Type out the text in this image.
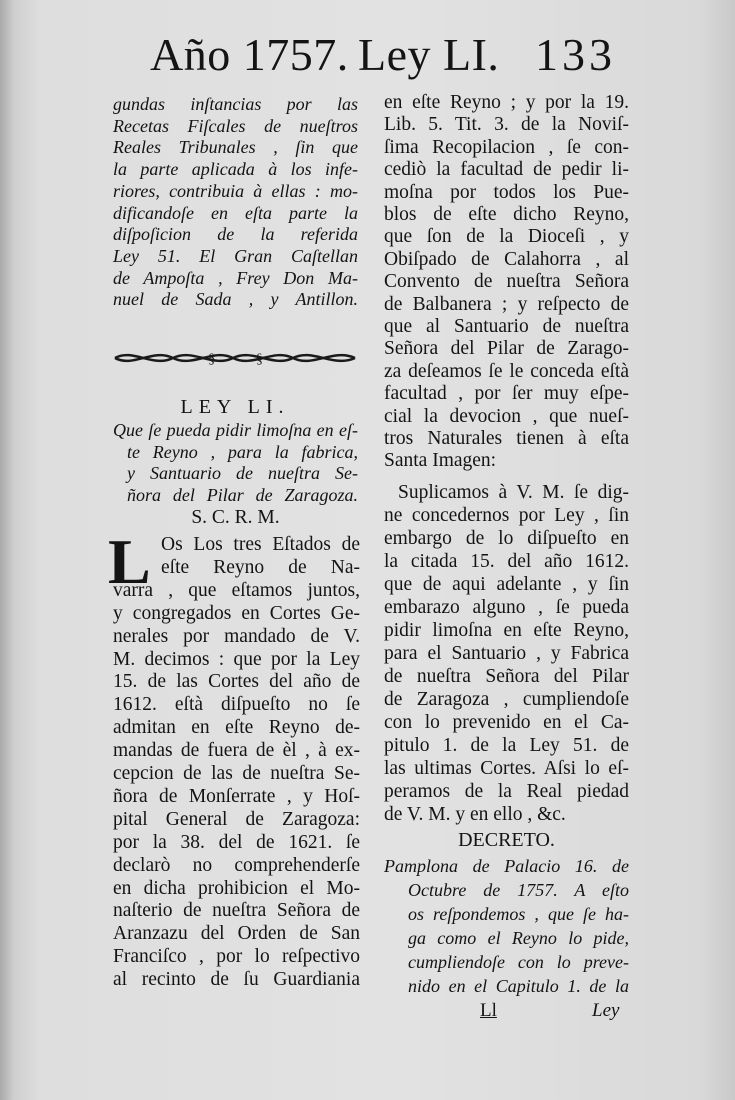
Año 1757. Ley LI. 133
gundas inſtancias por las
Recetas Fiſcales de nueſtros
Reales Tribunales , ſin que
la parte aplicada à los infe-
riores, contribuia à ellas : mo-
dificandoſe en eſta parte la
diſpoſicion de la referida
Ley 51. El Gran Caſtellan
de Ampoſta , Frey Don Ma-
nuel de Sada , y Antillon.
§	§
LEY LI.
Que ſe pueda pidir limoſna en eſ-
te Reyno , para la fabrica,
y Santuario de nueſtra Se-
ñora del Pilar de Zaragoza.
S. C. R. M.
L Os Los tres Eſtados de
eſte Reyno de Na-
varra , que eſtamos juntos,
y congregados en Cortes Ge-
nerales por mandado de V.
M. decimos : que por la Ley
15. de las Cortes del año de
1612. eſtà diſpueſto no ſe
admitan en eſte Reyno de-
mandas de fuera de èl , à ex-
cepcion de las de nueſtra Se-
ñora de Monſerrate , y Hoſ-
pital General de Zaragoza:
por la 38. del de 1621. ſe
declarò no comprehenderſe
en dicha prohibicion el Mo-
naſterio de nueſtra Señora de
Aranzazu del Orden de San
Franciſco , por lo reſpectivo
al recinto de ſu Guardiania
en eſte Reyno ; y por la 19.
Lib. 5. Tit. 3. de la Noviſ-
ſima Recopilacion , ſe con-
cediò la facultad de pedir li-
moſna por todos los Pue-
blos de eſte dicho Reyno,
que ſon de la Dioceſi , y
Obiſpado de Calahorra , al
Convento de nueſtra Señora
de Balbanera ; y reſpecto de
que al Santuario de nueſtra
Señora del Pilar de Zarago-
za deſeamos ſe le conceda eſtà
facultad , por ſer muy eſpe-
cial la devocion , que nueſ-
tros Naturales tienen à eſta
Santa Imagen:
Suplicamos à V. M. ſe dig-
ne concedernos por Ley , ſin
embargo de lo diſpueſto en
la citada 15. del año 1612.
que de aqui adelante , y ſin
embarazo alguno , ſe pueda
pidir limoſna en eſte Reyno,
para el Santuario , y Fabrica
de nueſtra Señora del Pilar
de Zaragoza , cumpliendoſe
con lo prevenido en el Ca-
pitulo 1. de la Ley 51. de
las ultimas Cortes. Aſsi lo eſ-
peramos de la Real piedad
de V. M. y en ello , &c.
DECRETO.
Pamplona de Palacio 16. de
Octubre de 1757. A eſto
os reſpondemos , que ſe ha-
ga como el Reyno lo pide,
cumpliendoſe con lo preve-
nido en el Capitulo 1. de la
Ll	Ley
